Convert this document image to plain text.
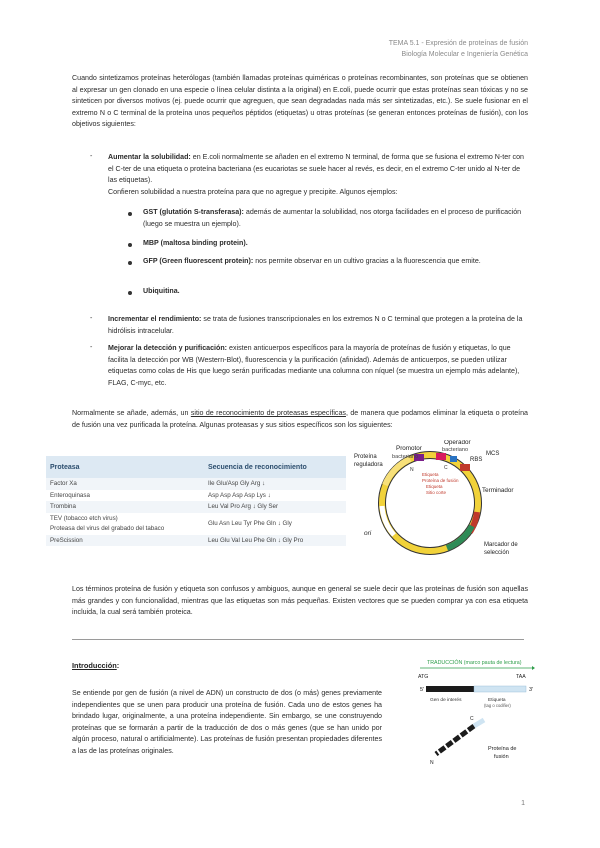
TEMA 5.1 - Expresión de proteínas de fusión
Biología Molecular e Ingeniería Genética
Cuando sintetizamos proteínas heterólogas (también llamadas proteínas quiméricas o proteínas recombinantes, son proteínas que se obtienen al expresar un gen clonado en una especie o línea celular distinta a la original) en E.coli, puede ocurrir que estas proteínas sean tóxicas y no se sinteticen por diversos motivos (ej. puede ocurrir que agreguen, que sean degradadas nada más ser sintetizadas, etc.). Se suele fusionar en el extremo N o C terminal de la proteína unos pequeños péptidos (etiquetas) u otras proteínas (se generan entonces proteínas de fusión), con los objetivos siguientes:
- Aumentar la solubilidad: en E.coli normalmente se añaden en el extremo N terminal, de forma que se fusiona el extremo N-ter con el C-ter de una etiqueta o proteína bacteriana (es eucariotas se suele hacer al revés, es decir, en el extremo C-ter unido al N-ter de las etiquetas).
Confieren solubilidad a nuestra proteína para que no agregue y precipite. Algunos ejemplos:
GST (glutatión S-transferasa): además de aumentar la solubilidad, nos otorga facilidades en el proceso de purificación (luego se muestra un ejemplo).
MBP (maltosa binding protein).
GFP (Green fluorescent protein): nos permite observar en un cultivo gracias a la fluorescencia que emite.
Ubiquitina.
- Incrementar el rendimiento: se trata de fusiones transcripcionales en los extremos N o C terminal que protegen a la proteína de la hidrólisis intracelular.
- Mejorar la detección y purificación: existen anticuerpos específicos para la mayoría de proteínas de fusión y etiquetas, lo que facilita la detección por WB (Western-Blot), fluorescencia y la purificación (afinidad). Además de anticuerpos, se pueden utilizar etiquetas como colas de His que luego serán purificadas mediante una columna con níquel (se muestra un ejemplo más adelante), FLAG, C-myc, etc.
Normalmente se añade, además, un sitio de reconocimiento de proteasas específicas, de manera que podamos eliminar la etiqueta o proteína de fusión una vez purificada la proteína. Algunas proteasas y sus sitios específicos son los siguientes:
Proteasa	Secuencia de reconocimiento
Factor Xa	Ile Glu/Asp Gly Arg ↓
Enteroquinasa	Asp Asp Asp Asp Lys ↓
Trombina	Leu Val Pro Arg ↓ Gly Ser
TEV (tobacco etch virus)
Proteasa del virus del grabado del tabaco	Glu Asn Leu Tyr Phe Gln ↓ Gly
PreScission	Leu Glu Val Leu Phe Gln ↓ Gly Pro
Etiqueta
Proteína de fusión
Etiqueta
Sitio corte
N	C
Promotor
bacteriano
Operador
bacteriano
RBS
MCS
Proteína
reguladora
Terminador
ori
Marcador de
selección
Los términos proteína de fusión y etiqueta son confusos y ambiguos, aunque en general se suele decir que las proteínas de fusión son aquellas más grandes y con funcionalidad, mientras que las etiquetas son más pequeñas. Existen vectores que se pueden comprar ya con esa etiqueta incluida, la cual será también proteica.
Introducción:
Se entiende por gen de fusión (a nivel de ADN) un constructo de dos (o más) genes previamente independientes que se unen para producir una proteína de fusión. Cada uno de estos genes ha brindado lugar, originalmente, a una proteína independiente. Sin embargo, se une construyendo proteínas que se formarán a partir de la traducción de dos o más genes (que se han unido por algún proceso, natural o artificialmente). Las proteínas de fusión presentan propiedades diferentes a las de las proteínas originales.
TRADUCCIÓN (marco pauta de lectura)
ATG	TAA
5'	3'
Gen de interés	Etiqueta
(tag o codifier)
C
N
Proteína de
fusión
1
